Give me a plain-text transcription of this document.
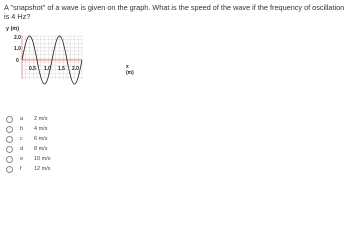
A "snapshot" of a wave is given on the graph. What is the speed of the wave if the frequency of oscillation is 4 Hz?
y (m)
2.0
1.0
0
0.5 1.0 1.5 2.0	x (m)
a 2 m/s
b 4 m/s
c 6 m/s
d 8 m/s
e 10 m/s
f 12 m/s
